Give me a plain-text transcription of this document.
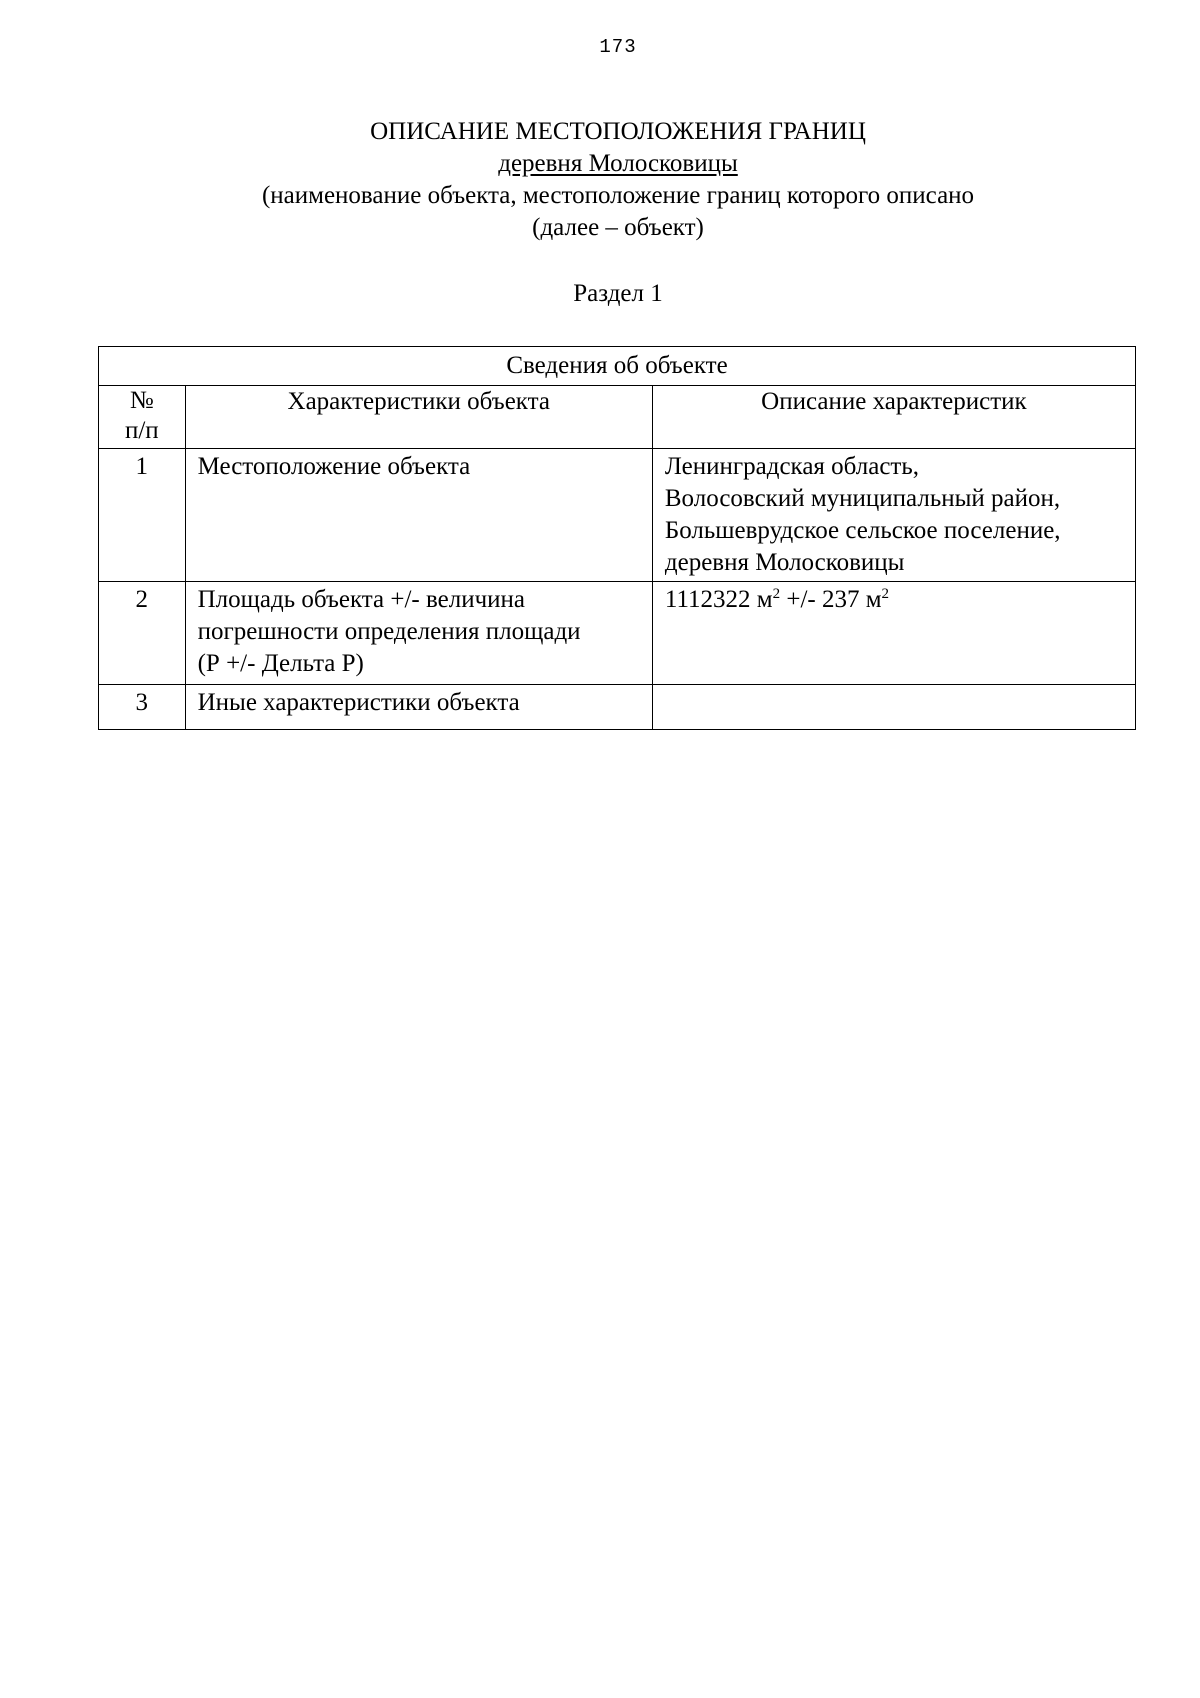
173
ОПИСАНИЕ МЕСТОПОЛОЖЕНИЯ ГРАНИЦ
деревня Молосковицы
(наименование объекта, местоположение границ которого описано
(далее – объект)
Раздел 1
Сведения об объекте		
№
п/п	Характеристики объекта	Описание характеристик
1	Местоположение объекта	Ленинградская область,
Волосовский муниципальный район,
Большеврудское сельское поселение,
деревня Молосковицы
2	Площадь объекта +/- величина
погрешности определения площади
(Р +/- Дельта Р)	1112322 $м^2$ +/- 237 $м^2$
3	Иные характеристики объекта	
